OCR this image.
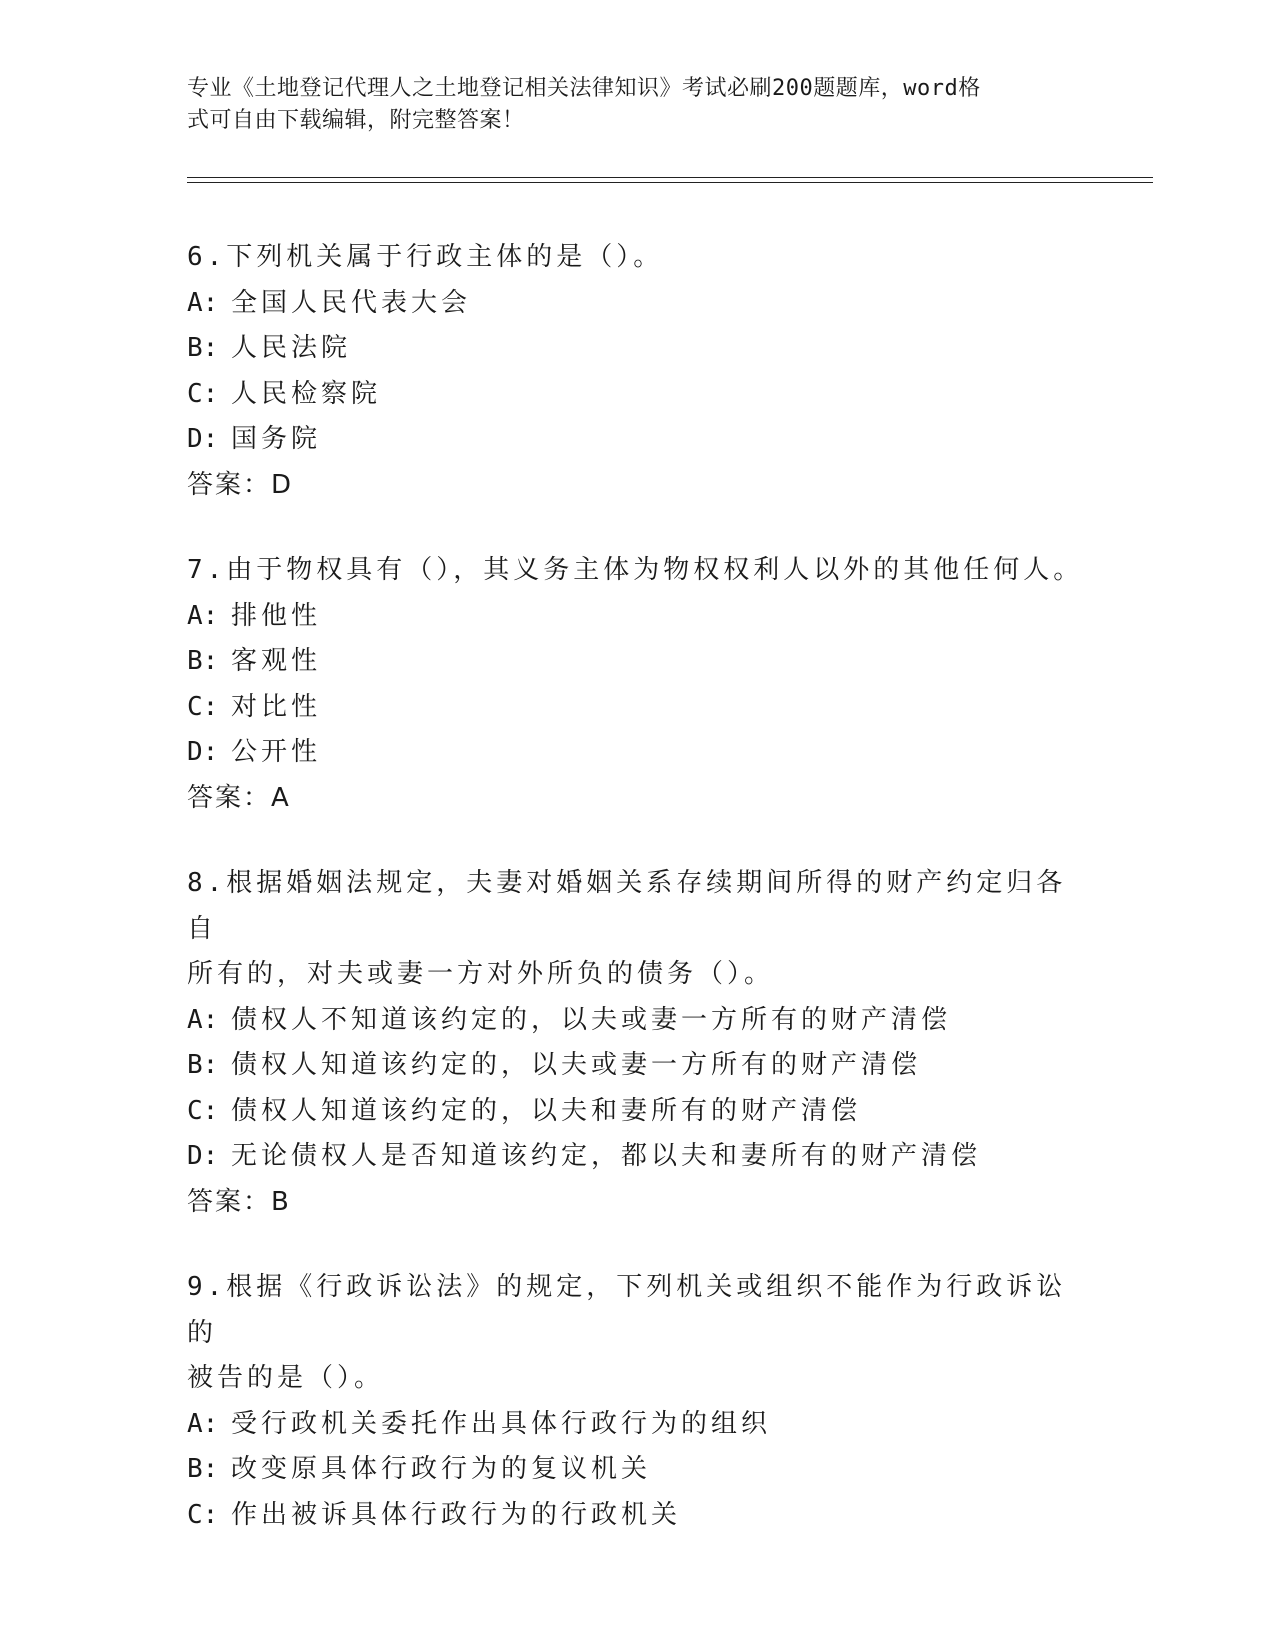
专业《土地登记代理人之土地登记相关法律知识》考试必刷200题题库，word格
式可自由下载编辑，附完整答案！
6.下列机关属于行政主体的是（）。
A: 全国人民代表大会
B: 人民法院
C: 人民检察院
D: 国务院
答案：D
7.由于物权具有（），其义务主体为物权权利人以外的其他任何人。
A: 排他性
B: 客观性
C: 对比性
D: 公开性
答案：A
8.根据婚姻法规定，夫妻对婚姻关系存续期间所得的财产约定归各自
所有的，对夫或妻一方对外所负的债务（）。
A: 债权人不知道该约定的，以夫或妻一方所有的财产清偿
B: 债权人知道该约定的，以夫或妻一方所有的财产清偿
C: 债权人知道该约定的，以夫和妻所有的财产清偿
D: 无论债权人是否知道该约定，都以夫和妻所有的财产清偿
答案：B
9.根据《行政诉讼法》的规定，下列机关或组织不能作为行政诉讼的
被告的是（）。
A: 受行政机关委托作出具体行政行为的组织
B: 改变原具体行政行为的复议机关
C: 作出被诉具体行政行为的行政机关
